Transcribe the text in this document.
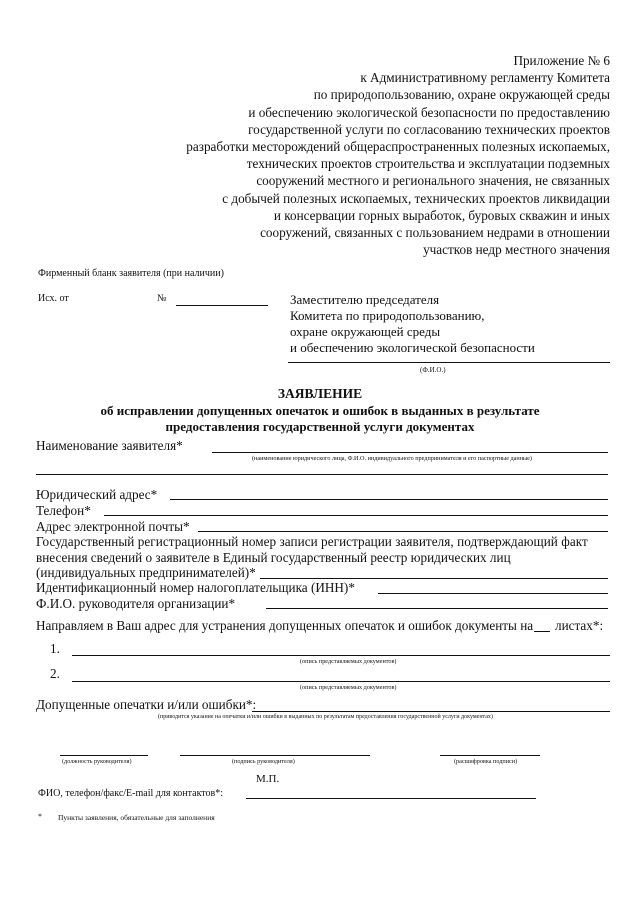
Приложение № 6
к Административному регламенту Комитета
по природопользованию, охране окружающей среды
и обеспечению экологической безопасности по предоставлению
государственной услуги по согласованию технических проектов
разработки месторождений общераспространенных полезных ископаемых,
технических проектов строительства и эксплуатации подземных
сооружений местного и регионального значения, не связанных
с добычей полезных ископаемых, технических проектов ликвидации
и консервации горных выработок, буровых скважин и иных
сооружений, связанных с пользованием недрами в отношении
участков недр местного значения
Фирменный бланк заявителя (при наличии)
Исх. от	№	Заместителю председателя
Комитета по природопользованию,
охране окружающей среды
и обеспечению экологической безопасности
(Ф.И.О.)
ЗАЯВЛЕНИЕ
об исправлении допущенных опечаток и ошибок в выданных в результате
предоставления государственной услуги документах
Наименование заявителя*
(наименование юридического лица, Ф.И.О. индивидуального предпринимателя и его паспортные данные)
Юридический адрес*
Телефон*
Адрес электронной почты*
Государственный регистрационный номер записи регистрации заявителя, подтверждающий факт
внесения сведений о заявителе в Единый государственный реестр юридических лиц
(индивидуальных предпринимателей)*
Идентификационный номер налогоплательщика (ИНН)*
Ф.И.О. руководителя организации*
Направляем в Ваш адрес для устранения допущенных опечаток и ошибок документы на листах*:
1.
(опись представляемых документов)
2.
(опись представляемых документов)
Допущенные опечатки и/или ошибки*:
(приводится указание на опечатки и/или ошибки в выданных по результатам предоставления государственной услуги документах)
(должность руководителя)	(подпись руководителя)	(расшифровка подписи)
М.П.
ФИО, телефон/факс/E-mail для контактов*:
* Пункты заявления, обязательные для заполнения
